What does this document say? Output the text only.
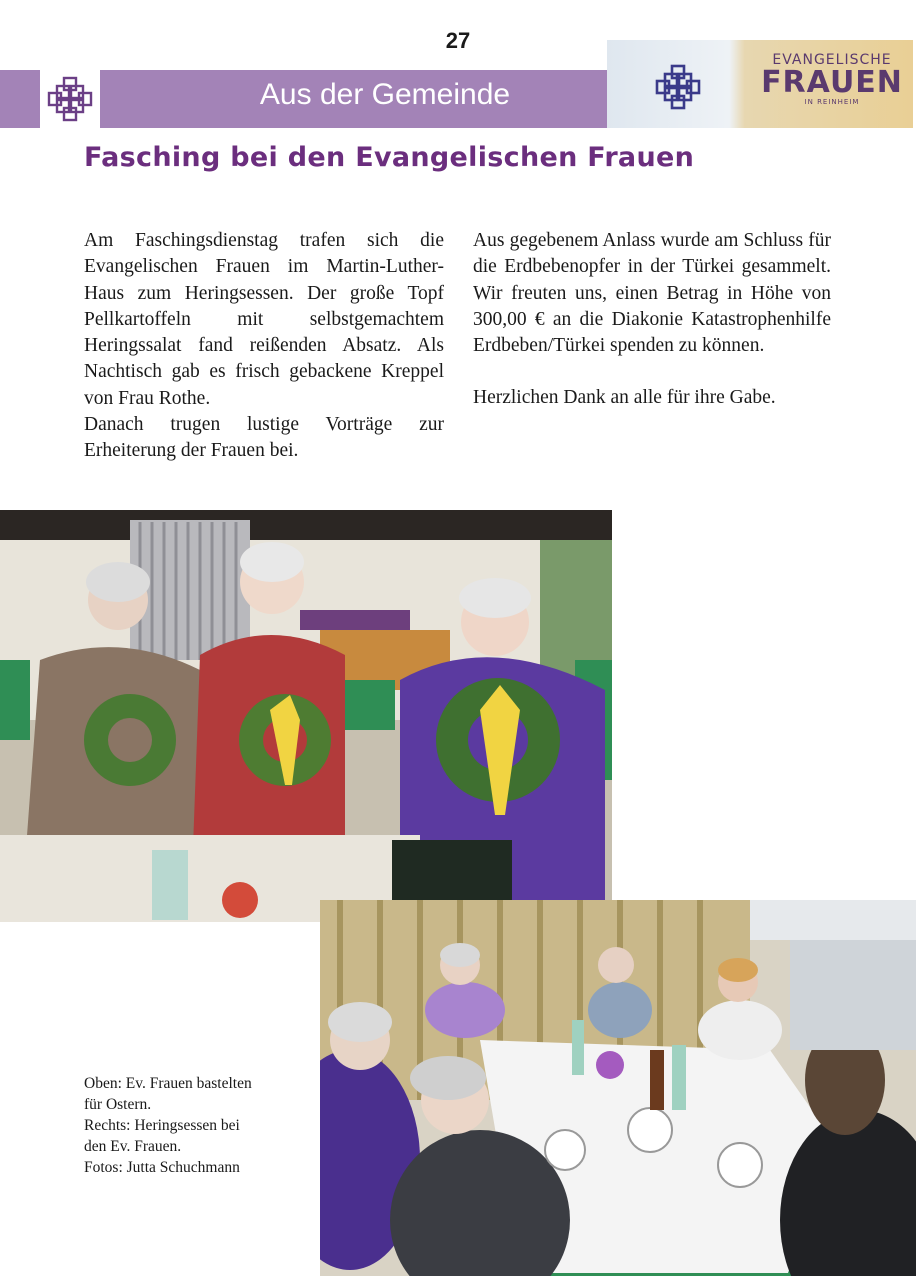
27
Aus der Gemeinde
EVANGELISCHE
FRAUEN
IN REINHEIM
Fasching bei den Evangelischen Frauen

Am Faschingsdienstag trafen sich die Evangelischen Frauen im Martin-Luther-Haus zum Heringsessen. Der große Topf Pellkartoffeln mit selbstgemachtem Heringssalat fand reißenden Absatz. Als Nachtisch gab es frisch gebackene Kreppel von Frau Rothe.

Danach trugen lustige Vorträge zur Erheiterung der Frauen bei.

Aus gegebenem Anlass wurde am Schluss für die Erdbebenopfer in der Türkei gesammelt. Wir freuten uns, einen Betrag in Höhe von 300,00 € an die Diakonie Katastrophenhilfe Erdbeben/Türkei spenden zu können.

Herzlichen Dank an alle für ihre Gabe.

Oben: Ev. Frauen bastelten

für Ostern.

Rechts: Heringsessen bei

den Ev. Frauen.

Fotos: Jutta Schuchmann
